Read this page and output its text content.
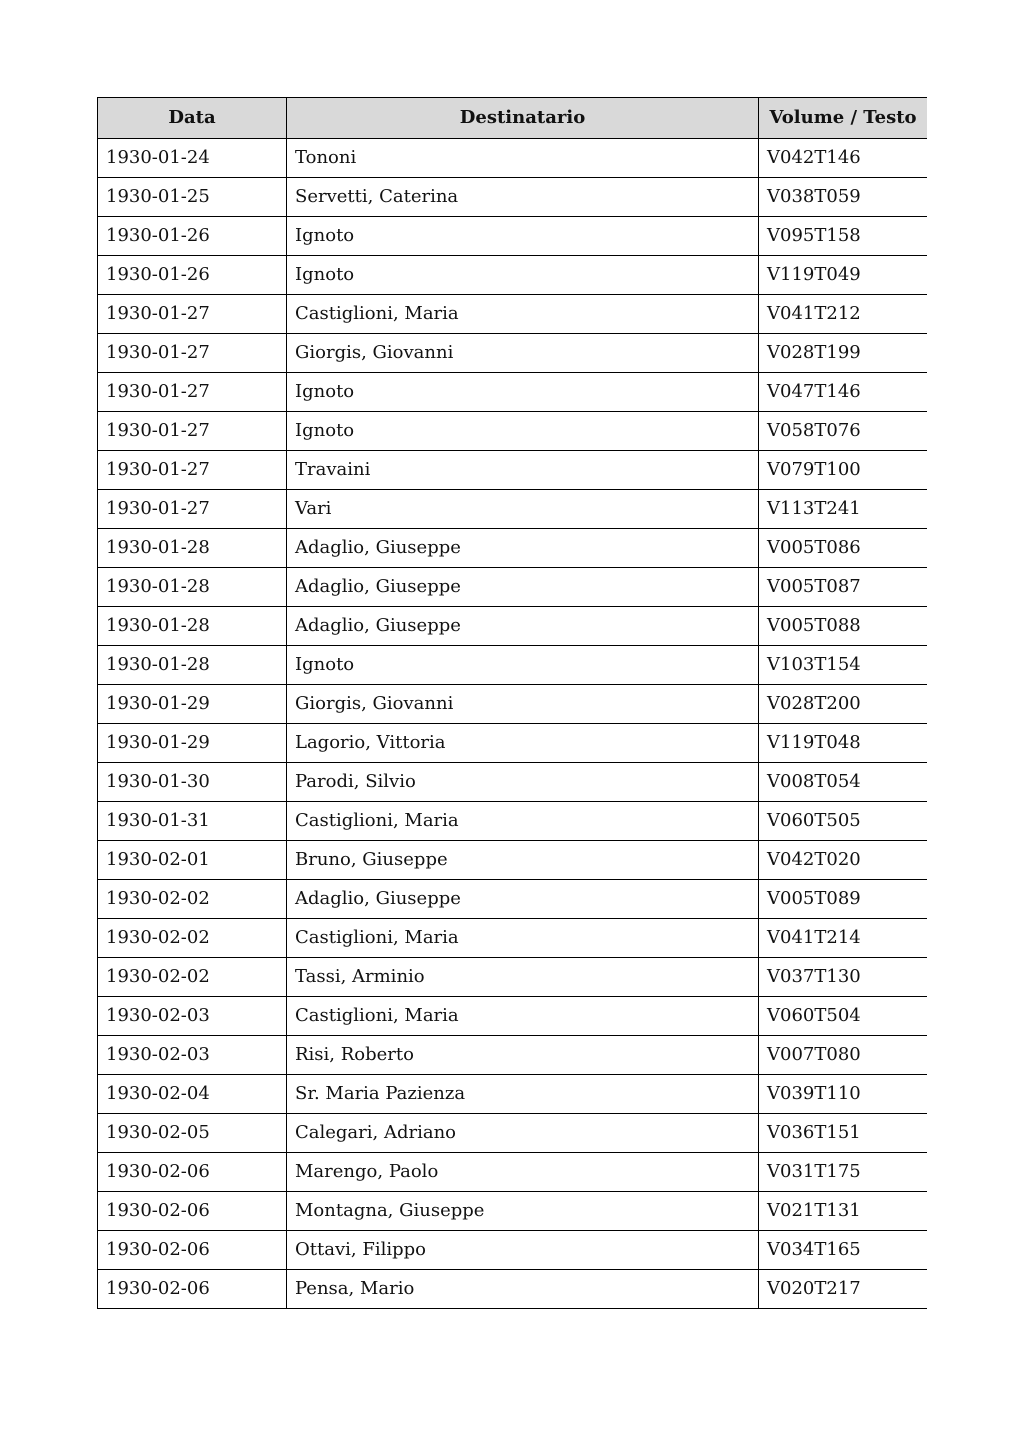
Data	Destinatario	Volume / Testo
1930-01-24	Tononi	V042T146
1930-01-25	Servetti, Caterina	V038T059
1930-01-26	Ignoto	V095T158
1930-01-26	Ignoto	V119T049
1930-01-27	Castiglioni, Maria	V041T212
1930-01-27	Giorgis, Giovanni	V028T199
1930-01-27	Ignoto	V047T146
1930-01-27	Ignoto	V058T076
1930-01-27	Travaini	V079T100
1930-01-27	Vari	V113T241
1930-01-28	Adaglio, Giuseppe	V005T086
1930-01-28	Adaglio, Giuseppe	V005T087
1930-01-28	Adaglio, Giuseppe	V005T088
1930-01-28	Ignoto	V103T154
1930-01-29	Giorgis, Giovanni	V028T200
1930-01-29	Lagorio, Vittoria	V119T048
1930-01-30	Parodi, Silvio	V008T054
1930-01-31	Castiglioni, Maria	V060T505
1930-02-01	Bruno, Giuseppe	V042T020
1930-02-02	Adaglio, Giuseppe	V005T089
1930-02-02	Castiglioni, Maria	V041T214
1930-02-02	Tassi, Arminio	V037T130
1930-02-03	Castiglioni, Maria	V060T504
1930-02-03	Risi, Roberto	V007T080
1930-02-04	Sr. Maria Pazienza	V039T110
1930-02-05	Calegari, Adriano	V036T151
1930-02-06	Marengo, Paolo	V031T175
1930-02-06	Montagna, Giuseppe	V021T131
1930-02-06	Ottavi, Filippo	V034T165
1930-02-06	Pensa, Mario	V020T217
